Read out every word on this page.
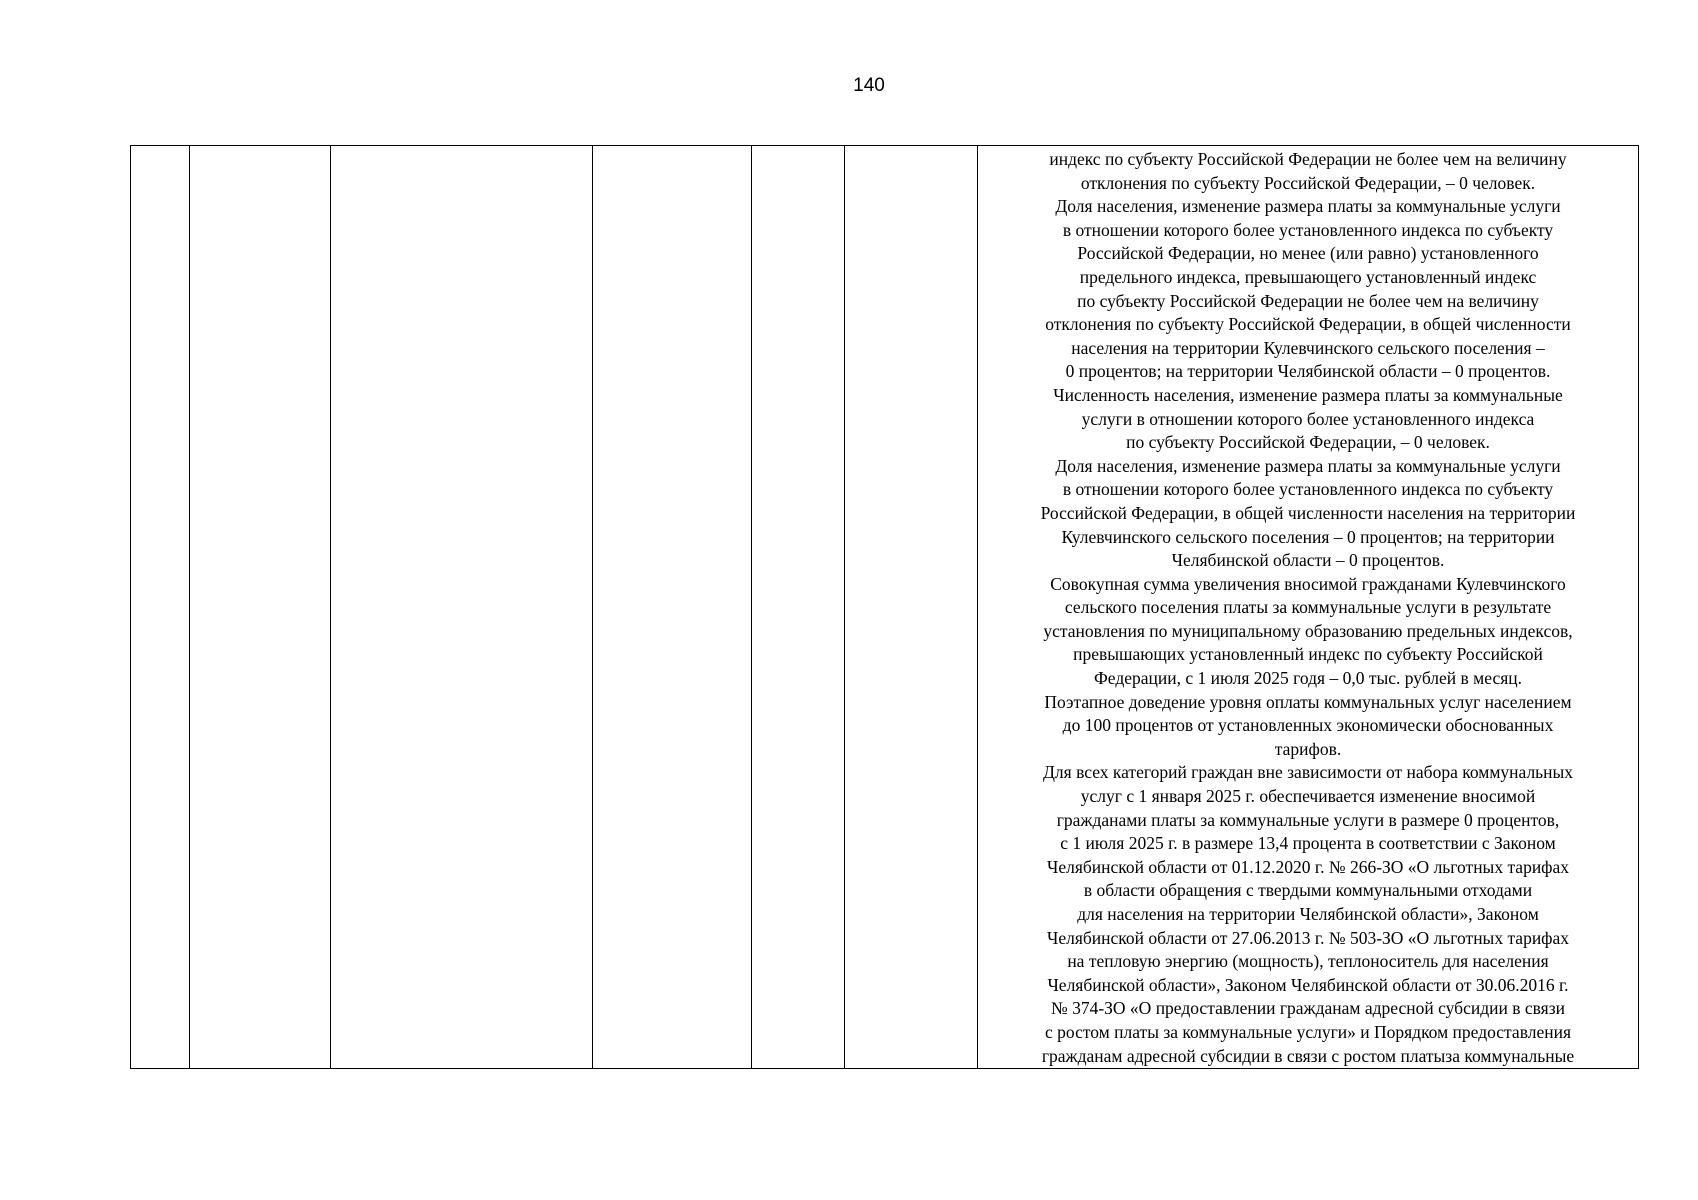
140

индекс по субъекту Российской Федерации не более чем на величину
отклонения по субъекту Российской Федерации, – 0 человек.
Доля населения, изменение размера платы за коммунальные услуги
в отношении которого более установленного индекса по субъекту
Российской Федерации, но менее (или равно) установленного
предельного индекса, превышающего установленный индекс
по субъекту Российской Федерации не более чем на величину
отклонения по субъекту Российской Федерации, в общей численности
населения на территории Кулевчинского сельского поселения –
0 процентов; на территории Челябинской области – 0 процентов.
Численность населения, изменение размера платы за коммунальные
услуги в отношении которого более установленного индекса
по субъекту Российской Федерации, – 0 человек.
Доля населения, изменение размера платы за коммунальные услуги
в отношении которого более установленного индекса по субъекту
Российской Федерации, в общей численности населения на территории
Кулевчинского сельского поселения – 0 процентов; на территории
Челябинской области – 0 процентов.
Совокупная сумма увеличения вносимой гражданами Кулевчинского
сельского поселения платы за коммунальные услуги в результате
установления по муниципальному образованию предельных индексов,
превышающих установленный индекс по субъекту Российской
Федерации, с 1 июля 2025 годя – 0,0 тыс. рублей в месяц.
Поэтапное доведение уровня оплаты коммунальных услуг населением
до 100 процентов от установленных экономически обоснованных
тарифов.
Для всех категорий граждан вне зависимости от набора коммунальных
услуг с 1 января 2025 г. обеспечивается изменение вносимой
гражданами платы за коммунальные услуги в размере 0 процентов,
с 1 июля 2025 г. в размере 13,4 процента в соответствии с Законом
Челябинской области от 01.12.2020 г. № 266-ЗО «О льготных тарифах
в области обращения с твердыми коммунальными отходами
для населения на территории Челябинской области», Законом
Челябинской области от 27.06.2013 г. № 503-ЗО «О льготных тарифах
на тепловую энергию (мощность), теплоноситель для населения
Челябинской области», Законом Челябинской области от 30.06.2016 г.
№ 374-ЗО «О предоставлении гражданам адресной субсидии в связи
с ростом платы за коммунальные услуги» и Порядком предоставления
гражданам адресной субсидии в связи с ростом платыза коммунальные
